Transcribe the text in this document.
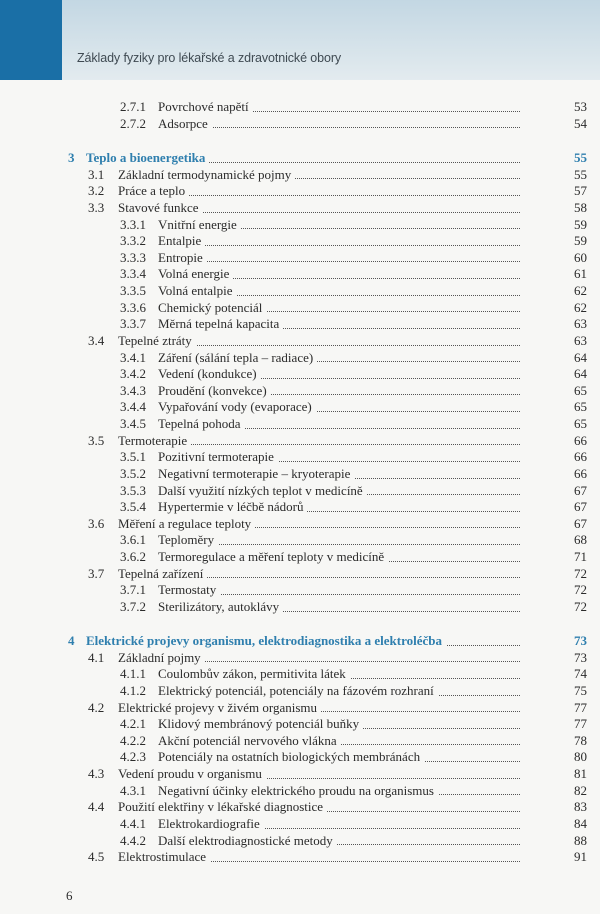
Základy fyziky pro lékařské a zdravotnické obory
2.7.1 Povrchové napětí	53
2.7.2 Adsorpce	54
3 Teplo a bioenergetika	55
3.1 Základní termodynamické pojmy	55
3.2 Práce a teplo	57
3.3 Stavové funkce	58
3.3.1 Vnitřní energie	59
3.3.2 Entalpie	59
3.3.3 Entropie	60
3.3.4 Volná energie	61
3.3.5 Volná entalpie	62
3.3.6 Chemický potenciál	62
3.3.7 Měrná tepelná kapacita	63
3.4 Tepelné ztráty	63
3.4.1 Záření (sálání tepla – radiace)	64
3.4.2 Vedení (kondukce)	64
3.4.3 Proudění (konvekce)	65
3.4.4 Vypařování vody (evaporace)	65
3.4.5 Tepelná pohoda	65
3.5 Termoterapie	66
3.5.1 Pozitivní termoterapie	66
3.5.2 Negativní termoterapie – kryoterapie	66
3.5.3 Další využití nízkých teplot v medicíně	67
3.5.4 Hypertermie v léčbě nádorů	67
3.6 Měření a regulace teploty	67
3.6.1 Teploměry	68
3.6.2 Termoregulace a měření teploty v medicíně	71
3.7 Tepelná zařízení	72
3.7.1 Termostaty	72
3.7.2 Sterilizátory, autoklávy	72
4 Elektrické projevy organismu, elektrodiagnostika a elektroléčba	73
4.1 Základní pojmy	73
4.1.1 Coulombův zákon, permitivita látek	74
4.1.2 Elektrický potenciál, potenciály na fázovém rozhraní	75
4.2 Elektrické projevy v živém organismu	77
4.2.1 Klidový membránový potenciál buňky	77
4.2.2 Akční potenciál nervového vlákna	78
4.2.3 Potenciály na ostatních biologických membránách	80
4.3 Vedení proudu v organismu	81
4.3.1 Negativní účinky elektrického proudu na organismus	82
4.4 Použití elektřiny v lékařské diagnostice	83
4.4.1 Elektrokardiografie	84
4.4.2 Další elektrodiagnostické metody	88
4.5 Elektrostimulace	91
6
